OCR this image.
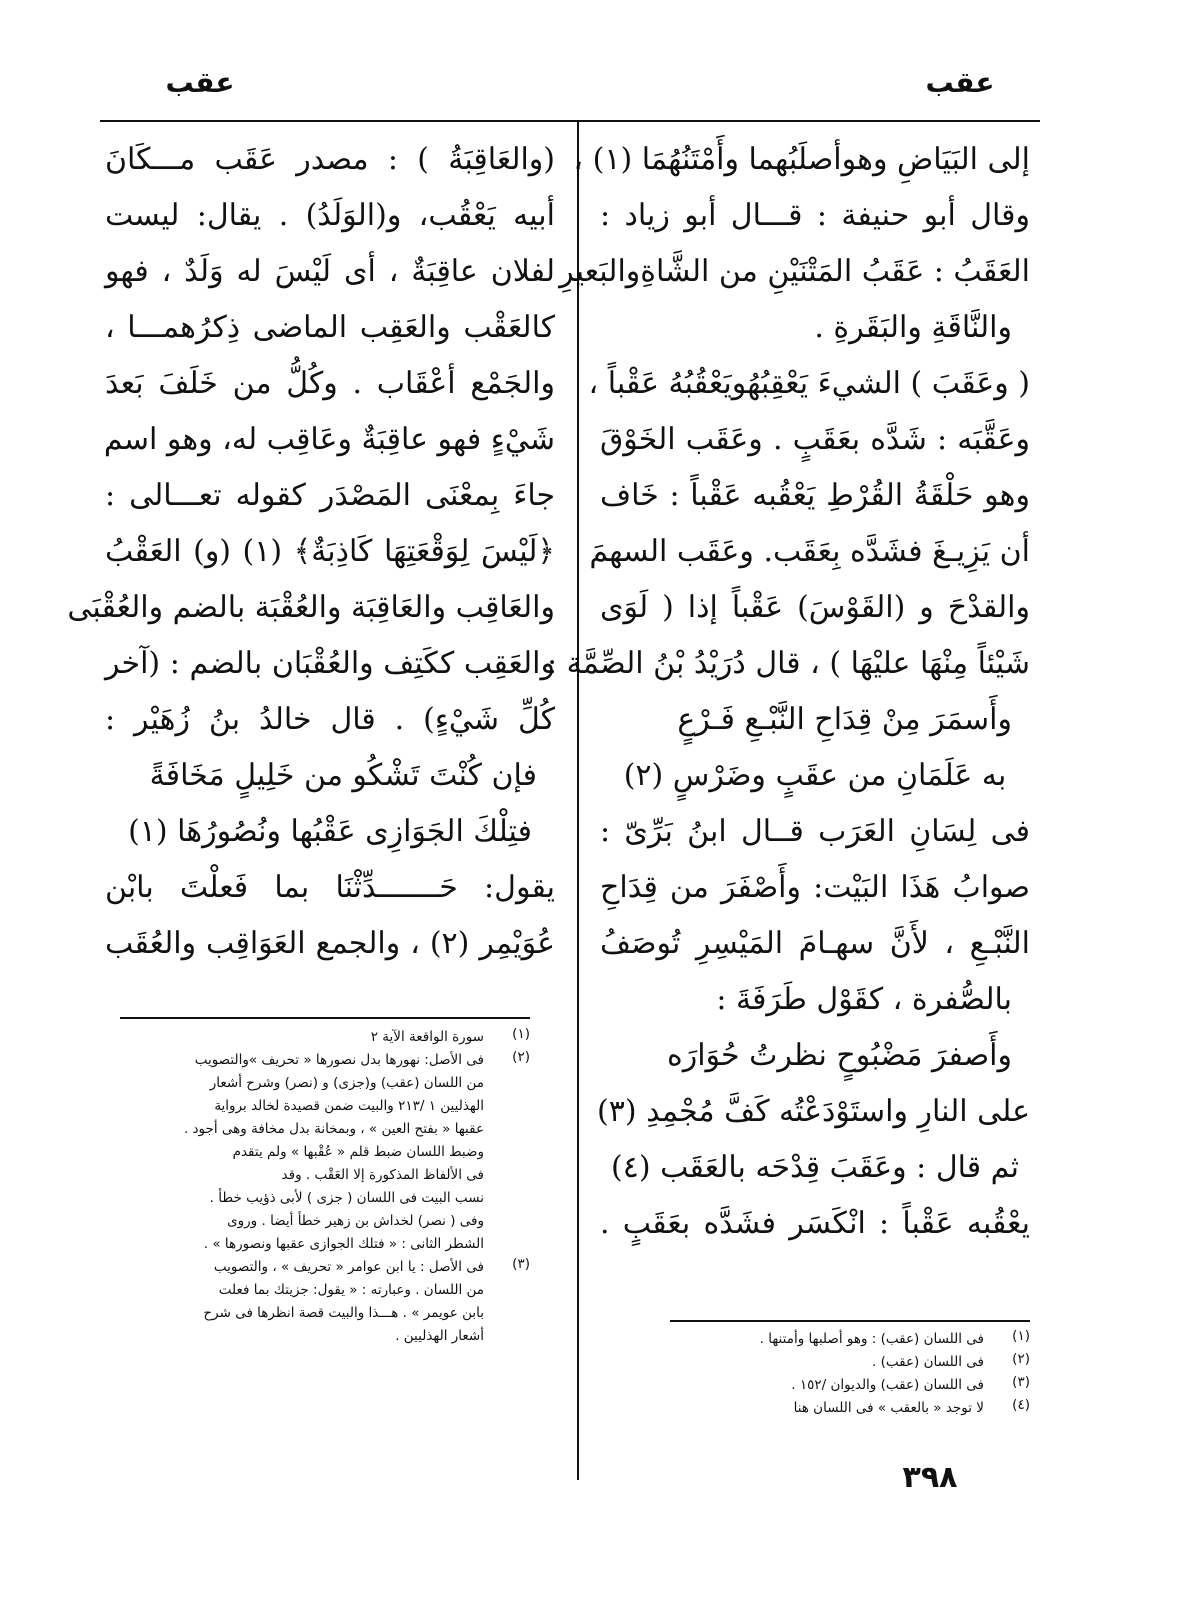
عقب
عقب
إلى البَيَاضِ وهوأصلَبُهما وأَمْتَنُهُمَا (١) ،
وقال أبو حنيفة : قـــال أبو زياد :
العَقَبُ : عَقَبُ المَتْنَيْنِ من الشَّاةِوالبَعيرِ
والنَّاقَةِ والبَقَرةِ .
( وعَقَبَ ) الشيءَ يَعْقِبُهُويَعْقُبُهُ عَقْباً ،
وعَقَّبَه : شَدَّه بعَقَبٍ . وعَقَب الخَوْقَ
وهو حَلْقَةُ القُرْطِ يَعْقُبه عَقْباً : خَاف
أن يَزِيـغَ فشَدَّه بِعَقَب. وعَقَب السهمَ
والقدْحَ و (القَوْسَ) عَقْباً إذا ( لَوَى
شَيْئاً مِنْهَا عليْهَا ) ، قال دُرَيْدُ بْنُ الصِّمَّة :
وأَسمَرَ مِنْ قِدَاحِ النَّبْـعِ فَـرْعٍ
به عَلَمَانِ من عقَبٍ وضَرْسٍ (٢)
فى لِسَانِ العَرَب قــال ابنُ بَرِّىّ :
صوابُ هَذَا البَيْت: وأَصْفَرَ من قِدَاحِ
النَّبْـعِ ، لأَنَّ سهـامَ المَيْسِرِ تُوصَفُ
بالصُّفرة ، كقَوْل طَرَفَةَ :
وأَصفرَ مَضْبُوحٍ نظرتُ حُوَارَه
على النارِ واستَوْدَعْتُه كَفَّ مُجْمِدِ (٣)
ثم قال : وعَقَبَ قِدْحَه بالعَقَب (٤)
يعْقُبه عَقْباً : انْكَسَر فشَدَّه بعَقَبٍ .
(والعَاقِبَةُ ) : مصدر عَقَب مـــكَانَ
أبيه يَعْقُب، و(الوَلَدُ) . يقال: ليست
لفلان عاقِبَةٌ ، أى لَيْسَ له وَلَدٌ ، فهو
كالعَقْب والعَقِب الماضى ذِكرُهمـــا ،
والجَمْع أعْقَاب . وكُلُّ من خَلَفَ بَعدَ
شَيْءٍ فهو عاقِبَةٌ وعَاقِب له، وهو اسم
جاءَ بِمعْنَى المَصْدَر كقوله تعـــالى :
﴿لَيْسَ لِوَقْعَتِهَا كَاذِبَةٌ﴾ (١) (و) العَقْبُ
والعَاقِب والعَاقِبَة والعُقْبَة بالضم والعُقْبَى
والعَقِب ككَتِف والعُقْبَان بالضم : (آخر
كُلِّ شَيْءٍ) . قال خالدُ بنُ زُهَيْر :
فإن كُنْتَ تَشْكُو من خَلِيلٍ مَخَافَةً
فتِلْكَ الجَوَازِى عَقْبُها ونُصُورُهَا (١)
يقول: حَـــــــدِّثْنَا بما فَعلْتَ بابْن
عُوَيْمِر (٢) ، والجمع العَوَاقِب والعُقَب
(١)
فى اللسان (عقب) : وهو أصلبها وأمتنها .
(٢)
فى اللسان (عقب) .
(٣)
فى اللسان (عقب) والديوان /١٥٢ .
(٤)
لا توجد « بالعقب » فى اللسان هنا
(١)
سورة الواقعة الآية ٢
(٢)
فى الأصل: نهورها بدل نصورها « تحريف »والتصويب
من اللسان (عقب) و(جزى) و (نصر) وشرح أشعار
الهذليين ١ /٢١٣ والبيت ضمن قصيدة لخالد برواية
عقبها « بفتح العين » ، وبمخانة بدل مخافة وهى أجود .
وضبط اللسان ضبط قلم « عُقْبها » ولم يتقدم
فى الألفاظ المذكورة إلا العَقْب . وقد
نسب البيت فى اللسان ( جزى ) لأبى ذؤيب خطأ .
وفى ( نصر) لخداش بن زهير خطأ أيضا . وروى
الشطر الثانى : « فتلك الجوازى عقبها ونصورها » .
(٣)
فى الأصل : يا ابن عوامر « تحريف » ، والتصويب
من اللسان . وعبارته : « يقول: جزيتك بما فعلت
بابن عويمر » . هـــذا والبيت قصة انظرها فى شرح
أشعار الهذليين .
٣٩٨
